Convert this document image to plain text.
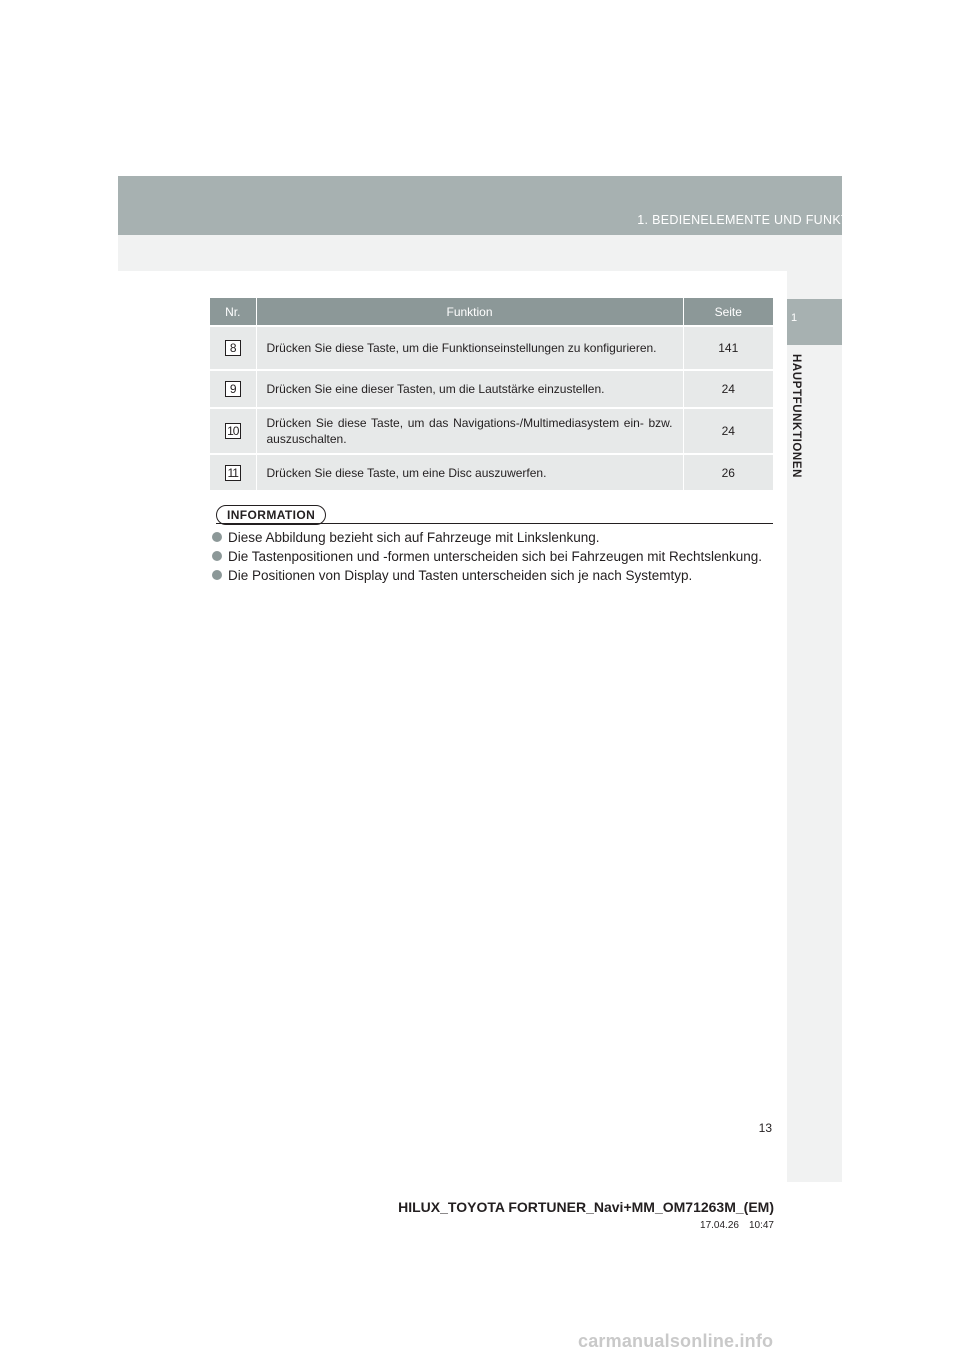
1. BEDIENELEMENTE UND FUNKTIONEN
1
HAUPTFUNKTIONEN
Nr.	Funktion	Seite
8	Drücken Sie diese Taste, um die Funktionseinstellungen zu konfigurieren.	141
9	Drücken Sie eine dieser Tasten, um die Lautstärke einzustellen.	24
10	Drücken Sie diese Taste, um das Navigations-/Multimediasystem ein- bzw. auszuschalten.	24
11	Drücken Sie diese Taste, um eine Disc auszuwerfen.	26
INFORMATION
Diese Abbildung bezieht sich auf Fahrzeuge mit Linkslenkung.
Die Tastenpositionen und -formen unterscheiden sich bei Fahrzeugen mit Rechtslenkung.
Die Positionen von Display und Tasten unterscheiden sich je nach Systemtyp.
13
HILUX_TOYOTA FORTUNER_Navi+MM_OM71263M_(EM)
17.04.26 10:47
carmanualsonline.info
